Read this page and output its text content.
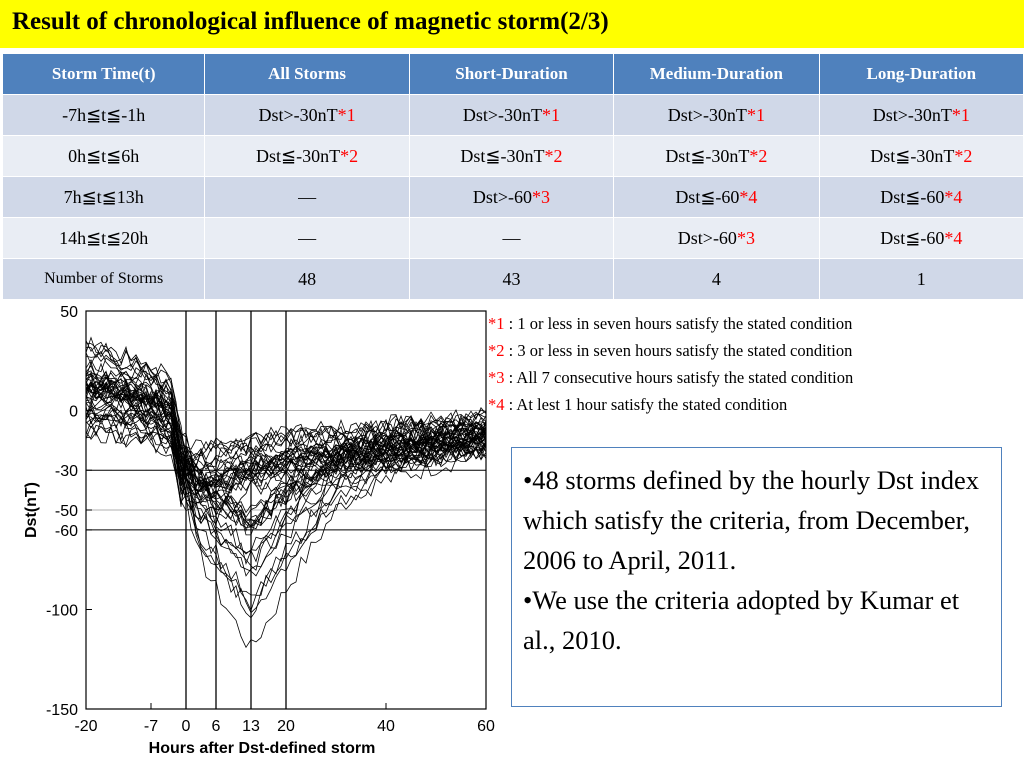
Result of chronological influence of magnetic storm(2/3)
Storm Time(t)	All Storms	Short-Duration	Medium-Duration	Long-Duration
-7h≦t≦-1h	Dst>-30nT*1	Dst>-30nT*1	Dst>-30nT*1	Dst>-30nT*1
0h≦t≦6h	Dst≦-30nT*2	Dst≦-30nT*2	Dst≦-30nT*2	Dst≦-30nT*2
7h≦t≦13h	—	Dst>-60*3	Dst≦-60*4	Dst≦-60*4
14h≦t≦20h	—	—	Dst>-60*3	Dst≦-60*4
Number of Storms	48	43	4	1
50
0
-30
-50
-60
-100
-150
-20	-7 0 6 13 20	40	60
Dst(nT)
Hours after Dst-defined storm
*1 : 1 or less in seven hours satisfy the stated condition
*2 : 3 or less in seven hours satisfy the stated condition
*3 : All 7 consecutive hours satisfy the stated condition
*4 : At lest 1 hour satisfy the stated condition

•48 storms defined by the hourly Dst index which satisfy the criteria, from December, 2006 to April, 2011.

•We use the criteria adopted by Kumar et al., 2010.
